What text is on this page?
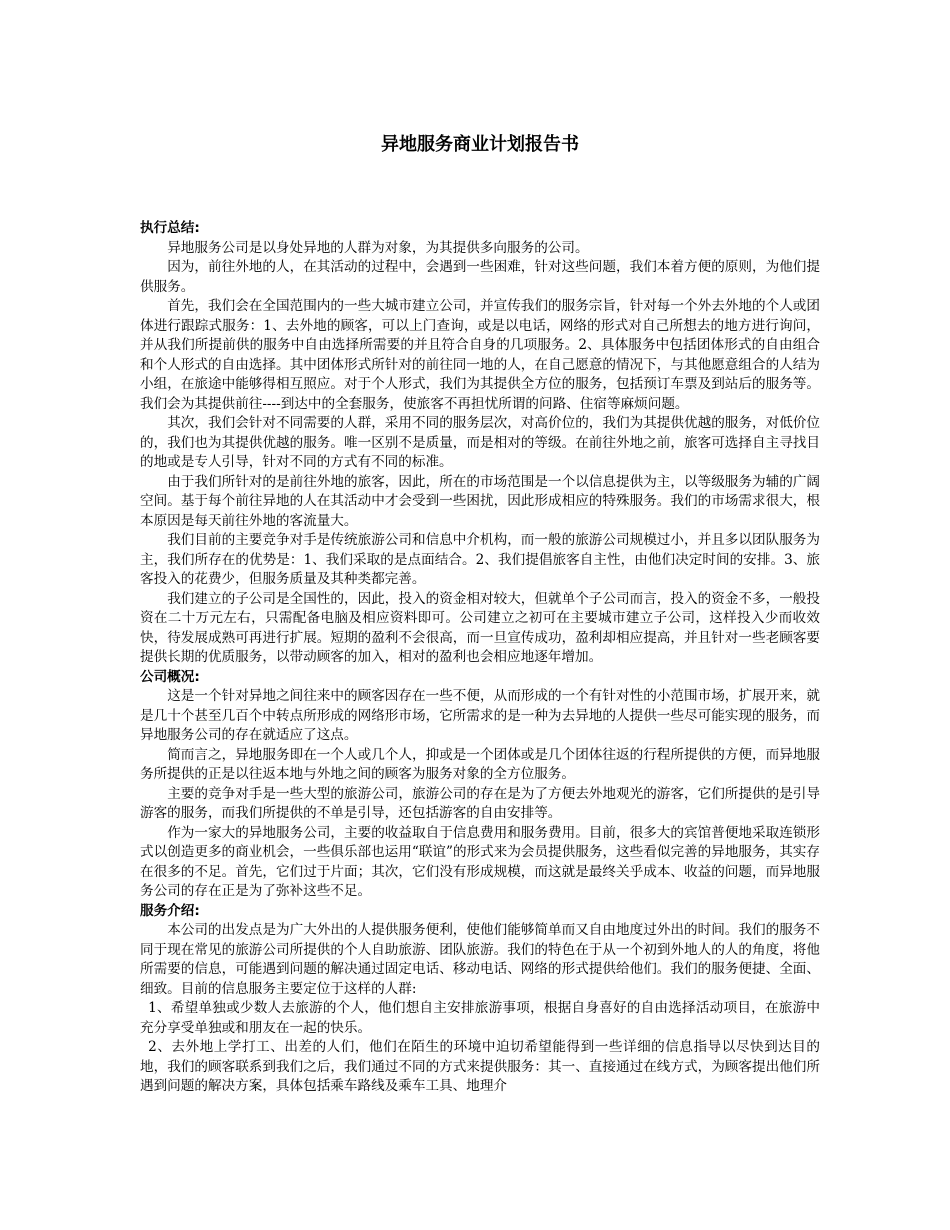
异地服务商业计划报告书
执行总结:

异地服务公司是以身处异地的人群为对象，为其提供多向服务的公司。

因为，前往外地的人，在其活动的过程中，会遇到一些困难，针对这些问题，我们本着方便的原则，为他们提供服务。

首先，我们会在全国范围内的一些大城市建立公司，并宣传我们的服务宗旨，针对每一个外去外地的个人或团体进行跟踪式服务：1、去外地的顾客，可以上门查询，或是以电话，网络的形式对自己所想去的地方进行询问，并从我们所提前供的服务中自由选择所需要的并且符合自身的几项服务。2、具体服务中包括团体形式的自由组合和个人形式的自由选择。其中团体形式所针对的前往同一地的人，在自己愿意的情况下，与其他愿意组合的人结为小组，在旅途中能够得相互照应。对于个人形式，我们为其提供全方位的服务，包括预订车票及到站后的服务等。我们会为其提供前往----到达中的全套服务，使旅客不再担忧所谓的问路、住宿等麻烦问题。

其次，我们会针对不同需要的人群，采用不同的服务层次，对高价位的，我们为其提供优越的服务，对低价位的，我们也为其提供优越的服务。唯一区别不是质量，而是相对的等级。在前往外地之前，旅客可选择自主寻找目的地或是专人引导，针对不同的方式有不同的标准。

由于我们所针对的是前往外地的旅客，因此，所在的市场范围是一个以信息提供为主，以等级服务为辅的广阔空间。基于每个前往异地的人在其活动中才会受到一些困扰，因此形成相应的特殊服务。我们的市场需求很大，根本原因是每天前往外地的客流量大。

我们目前的主要竞争对手是传统旅游公司和信息中介机构，而一般的旅游公司规模过小，并且多以团队服务为主，我们所存在的优势是：1、我们采取的是点面结合。2、我们提倡旅客自主性，由他们决定时间的安排。3、旅客投入的花费少，但服务质量及其种类都完善。

我们建立的子公司是全国性的，因此，投入的资金相对较大，但就单个子公司而言，投入的资金不多，一般投资在二十万元左右，只需配备电脑及相应资料即可。公司建立之初可在主要城市建立子公司，这样投入少而收效快，待发展成熟可再进行扩展。短期的盈利不会很高，而一旦宣传成功，盈利却相应提高，并且针对一些老顾客要提供长期的优质服务，以带动顾客的加入，相对的盈利也会相应地逐年增加。

公司概况:

这是一个针对异地之间往来中的顾客因存在一些不便，从而形成的一个有针对性的小范围市场，扩展开来，就是几十个甚至几百个中转点所形成的网络形市场，它所需求的是一种为去异地的人提供一些尽可能实现的服务，而异地服务公司的存在就适应了这点。

简而言之，异地服务即在一个人或几个人，抑或是一个团体或是几个团体往返的行程所提供的方便，而异地服务所提供的正是以往返本地与外地之间的顾客为服务对象的全方位服务。

主要的竞争对手是一些大型的旅游公司，旅游公司的存在是为了方便去外地观光的游客，它们所提供的是引导游客的服务，而我们所提供的不单是引导，还包括游客的自由安排等。

作为一家大的异地服务公司，主要的收益取自于信息费用和服务费用。目前，很多大的宾馆普便地采取连锁形式以创造更多的商业机会，一些俱乐部也运用“联谊”的形式来为会员提供服务，这些看似完善的异地服务，其实存在很多的不足。首先，它们过于片面；其次，它们没有形成规模，而这就是最终关乎成本、收益的问题，而异地服务公司的存在正是为了弥补这些不足。

服务介绍:

本公司的出发点是为广大外出的人提供服务便利，使他们能够简单而又自由地度过外出的时间。我们的服务不同于现在常见的旅游公司所提供的个人自助旅游、团队旅游。我们的特色在于从一个初到外地人的人的角度，将他所需要的信息，可能遇到问题的解决通过固定电话、移动电话、网络的形式提供给他们。我们的服务便捷、全面、细致。目前的信息服务主要定位于这样的人群:

1、希望单独或少数人去旅游的个人，他们想自主安排旅游事项，根据自身喜好的自由选择活动项目，在旅游中充分享受单独或和朋友在一起的快乐。

2、去外地上学打工、出差的人们，他们在陌生的环境中迫切希望能得到一些详细的信息指导以尽快到达目的地，我们的顾客联系到我们之后，我们通过不同的方式来提供服务：其一、直接通过在线方式，为顾客提出他们所遇到问题的解决方案，具体包括乘车路线及乘车工具、地理介
